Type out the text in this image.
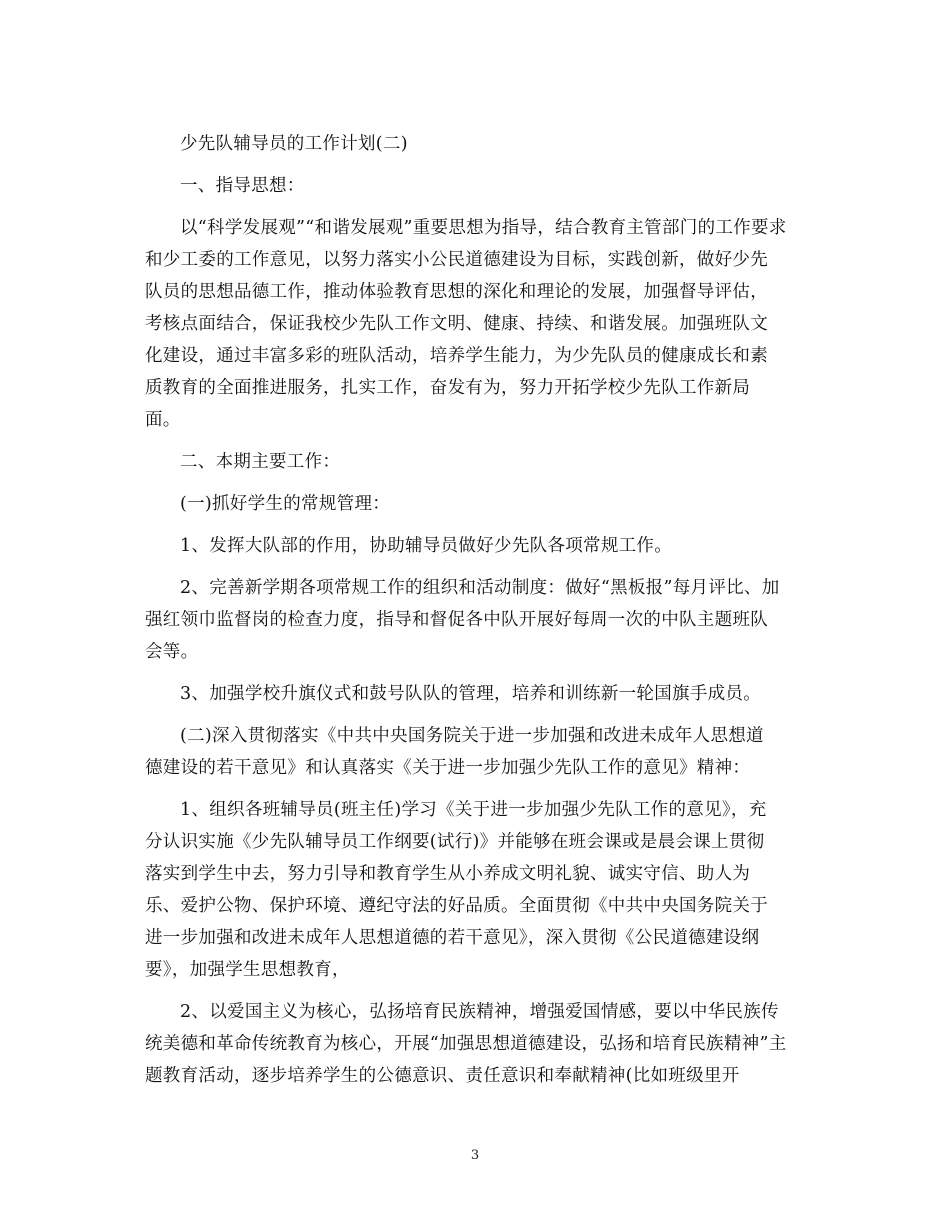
少先队辅导员的工作计划(二)

一、指导思想：

以“科学发展观”“和谐发展观”重要思想为指导，结合教育主管部门的工作要求
和少工委的工作意见，以努力落实小公民道德建设为目标，实践创新，做好少先
队员的思想品德工作，推动体验教育思想的深化和理论的发展，加强督导评估，
考核点面结合，保证我校少先队工作文明、健康、持续、和谐发展。加强班队文
化建设，通过丰富多彩的班队活动，培养学生能力，为少先队员的健康成长和素
质教育的全面推进服务，扎实工作，奋发有为，努力开拓学校少先队工作新局
面。

二、本期主要工作：

(一)抓好学生的常规管理：

1、发挥大队部的作用，协助辅导员做好少先队各项常规工作。

2、完善新学期各项常规工作的组织和活动制度：做好“黑板报”每月评比、加
强红领巾监督岗的检查力度，指导和督促各中队开展好每周一次的中队主题班队
会等。

3、加强学校升旗仪式和鼓号队队的管理，培养和训练新一轮国旗手成员。

(二)深入贯彻落实《中共中央国务院关于进一步加强和改进未成年人思想道
德建设的若干意见》和认真落实《关于进一步加强少先队工作的意见》精神：

1、组织各班辅导员(班主任)学习《关于进一步加强少先队工作的意见》，充
分认识实施《少先队辅导员工作纲要(试行)》并能够在班会课或是晨会课上贯彻
落实到学生中去，努力引导和教育学生从小养成文明礼貌、诚实守信、助人为
乐、爱护公物、保护环境、遵纪守法的好品质。全面贯彻《中共中央国务院关于
进一步加强和改进未成年人思想道德的若干意见》，深入贯彻《公民道德建设纲
要》，加强学生思想教育，

2、以爱国主义为核心，弘扬培育民族精神，增强爱国情感，要以中华民族传
统美德和革命传统教育为核心，开展“加强思想道德建设，弘扬和培育民族精神”主
题教育活动，逐步培养学生的公德意识、责任意识和奉献精神(比如班级里开

3
